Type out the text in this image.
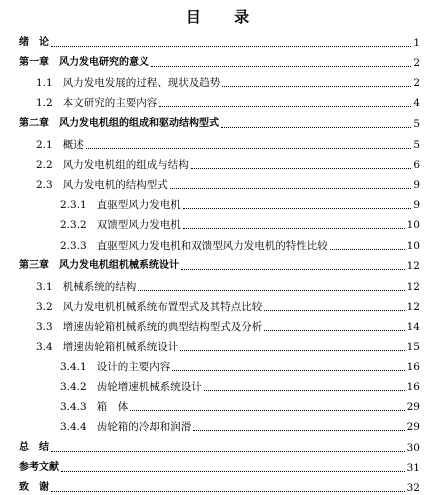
目 录
绪　论	1
第一章 风力发电研究的意义	2
1.1 风力发电发展的过程、现状及趋势	2
1.2 本文研究的主要内容	4
第二章 风力发电机组的组成和驱动结构型式	5
2.1 概述	5
2.2 风力发电机组的组成与结构	6
2.3 风力发电机的结构型式	9
2.3.1 直驱型风力发电机	9
2.3.2 双馈型风力发电机	10
2.3.3 直驱型风力发电机和双馈型风力发电机的特性比较	10
第三章 风力发电机组机械系统设计	12
3.1 机械系统的结构	12
3.2 风力发电机机械系统布置型式及其特点比较	12
3.3 增速齿轮箱机械系统的典型结构型式及分析	14
3.4 增速齿轮箱机械系统设计	15
3.4.1 设计的主要内容	16
3.4.2 齿轮增速机械系统设计	16
3.4.3 箱　体	29
3.4.4 齿轮箱的冷却和润滑	29
总　结	30
参考文献	31
致　谢	32
